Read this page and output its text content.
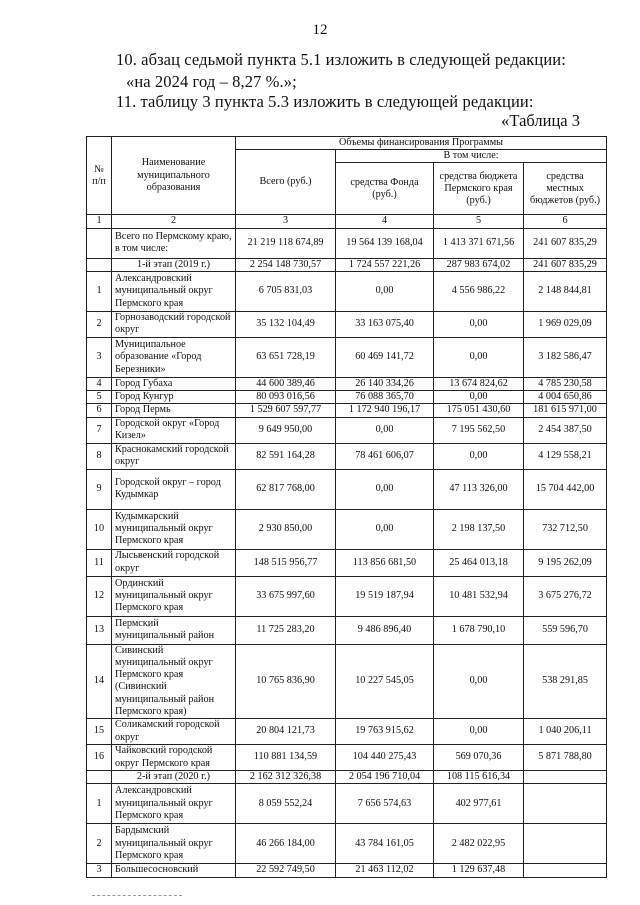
12
10. абзац седьмой пункта 5.1 изложить в следующей редакции:
«на 2024 год – 8,27 %.»;
11. таблицу 3 пункта 5.3 изложить в следующей редакции:
«Таблица 3
№ п/п	Наименование муниципального образования	Объемы финансирования Программы			
		Всего (руб.)	В том числе:		
			средства Фонда (руб.)	средства бюджета Пермского края (руб.)	средства местных бюджетов (руб.)
1	2	3	4	5	6
	Всего по Пермскому краю, в том числе:	21 219 118 674,89	19 564 139 168,04	1 413 371 671,56	241 607 835,29
	1-й этап (2019 г.)	2 254 148 730,57	1 724 557 221,26	287 983 674,02	241 607 835,29
1	Александровский муниципальный округ Пермского края	6 705 831,03	0,00	4 556 986,22	2 148 844,81
2	Горнозаводский городской округ	35 132 104,49	33 163 075,40	0,00	1 969 029,09
3	Муниципальное образование «Город Березники»	63 651 728,19	60 469 141,72	0,00	3 182 586,47
4	Город Губаха	44 600 389,46	26 140 334,26	13 674 824,62	4 785 230,58
5	Город Кунгур	80 093 016,56	76 088 365,70	0,00	4 004 650,86
6	Город Пермь	1 529 607 597,77	1 172 940 196,17	175 051 430,60	181 615 971,00
7	Городской округ «Город Кизел»	9 649 950,00	0,00	7 195 562,50	2 454 387,50
8	Краснокамский городской округ	82 591 164,28	78 461 606,07	0,00	4 129 558,21
9	Городской округ – город Кудымкар	62 817 768,00	0,00	47 113 326,00	15 704 442,00
10	Кудымкарский муниципальный округ Пермского края	2 930 850,00	0,00	2 198 137,50	732 712,50
11	Лысьвенский городской округ	148 515 956,77	113 856 681,50	25 464 013,18	9 195 262,09
12	Ординский муниципальный округ Пермского края	33 675 997,60	19 519 187,94	10 481 532,94	3 675 276,72
13	Пермский муниципальный район	11 725 283,20	9 486 896,40	1 678 790,10	559 596,70
14	Сивинский муниципальный округ Пермского края (Сивинский муниципальный район Пермского края)	10 765 836,90	10 227 545,05	0,00	538 291,85
15	Соликамский городской округ	20 804 121,73	19 763 915,62	0,00	1 040 206,11
16	Чайковский городской округ Пермского края	110 881 134,59	104 440 275,43	569 070,36	5 871 788,80
	2-й этап (2020 г.)	2 162 312 326,38	2 054 196 710,04	108 115 616,34	
1	Александровский муниципальный округ Пермского края	8 059 552,24	7 656 574,63	402 977,61	
2	Бардымский муниципальный округ Пермского края	46 266 184,00	43 784 161,05	2 482 022,95	
3	Большесосновский	22 592 749,50	21 463 112,02	1 129 637,48	
